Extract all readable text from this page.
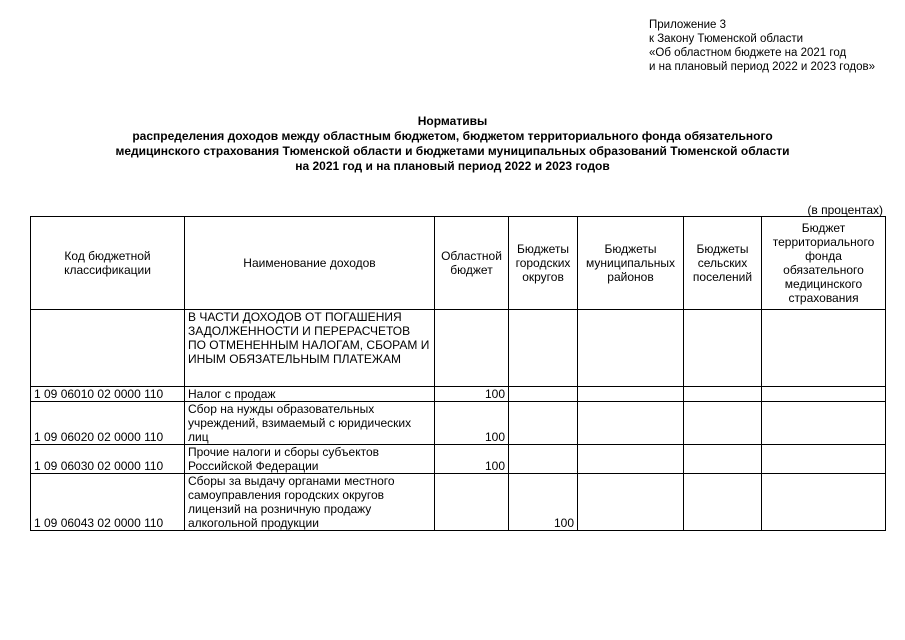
Приложение 3
к Закону Тюменской области
«Об областном бюджете на 2021 год
и на плановый период 2022 и 2023 годов»
Нормативы
распределения доходов между областным бюджетом, бюджетом территориального фонда обязательного
медицинского страхования Тюменской области и бюджетами муниципальных образований Тюменской области
на 2021 год и на плановый период 2022 и 2023 годов
(в процентах)
Код бюджетной классификации	Наименование доходов	Областной бюджет	Бюджеты городских округов	Бюджеты муниципальных районов	Бюджеты сельских поселений	Бюджет территориального фонда обязательного медицинского страхования
	В ЧАСТИ ДОХОДОВ ОТ ПОГАШЕНИЯ ЗАДОЛЖЕННОСТИ И ПЕРЕРАСЧЕТОВ ПО ОТМЕНЕННЫМ НАЛОГАМ, СБОРАМ И ИНЫМ ОБЯЗАТЕЛЬНЫМ ПЛАТЕЖАМ					
1 09 06010 02 0000 110	Налог с продаж	100				
1 09 06020 02 0000 110	Сбор на нужды образовательных учреждений, взимаемый с юридических лиц	100				
1 09 06030 02 0000 110	Прочие налоги и сборы субъектов Российской Федерации	100				
1 09 06043 02 0000 110	Сборы за выдачу органами местного самоуправления городских округов лицензий на розничную продажу алкогольной продукции		100			
